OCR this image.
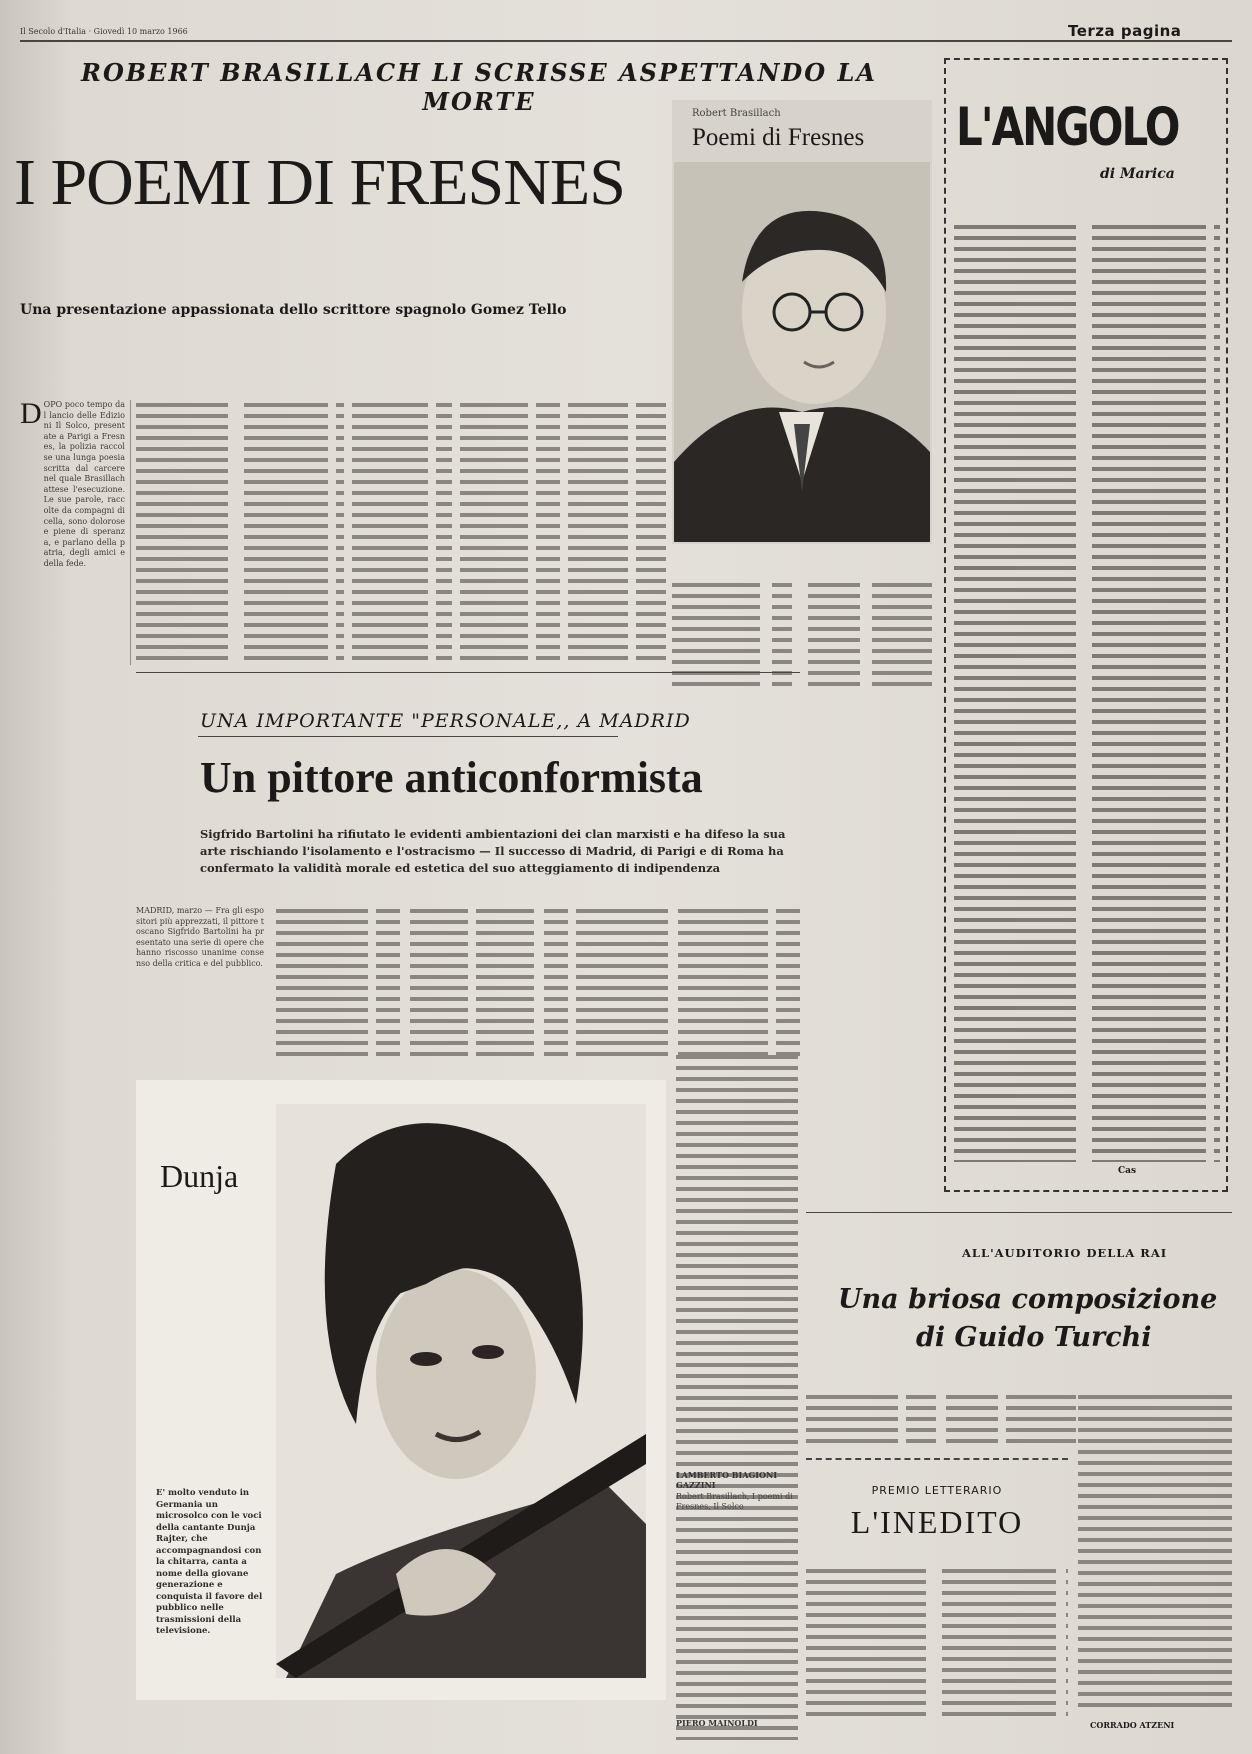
Il Secolo d'Italia · Giovedì 10 marzo 1966	Terza pagina
ROBERT BRASILLACH LI SCRISSE ASPETTANDO LA MORTE
I POEMI DI FRESNES
Una presentazione appassionata dello scrittore spagnolo Gomez Tello
Robert Brasillach
Poemi di Fresnes
D OPO poco tempo dal lancio delle Edizioni Il Solco, presentate a Parigi a Fresnes, la polizia raccolse una lunga poesia scritta dal carcere nel quale Brasillach attese l'esecuzione. Le sue parole, raccolte da compagni di cella, sono dolorose e piene di speranza, e parlano della patria, degli amici e della fede.
UNA IMPORTANTE "PERSONALE,, A MADRID
Un pittore anticonformista
Sigfrido Bartolini ha rifiutato le evidenti ambientazioni dei clan marxisti e ha difeso la sua arte rischiando l'isolamento e l'ostracismo — Il successo di Madrid, di Parigi e di Roma ha confermato la validità morale ed estetica del suo atteggiamento di indipendenza
MADRID, marzo — Fra gli espositori più apprezzati, il pittore toscano Sigfrido Bartolini ha presentato una serie di opere che hanno riscosso unanime consenso della critica e del pubblico.
Dunja
E' molto venduto in Germania un microsolco con le voci della cantante Dunja Rajter, che accompagnandosi con la chitarra, canta a nome della giovane generazione e conquista il favore del pubblico nelle trasmissioni della televisione.
LAMBERTO BIAGIONI GAZZINI
Robert Brasillach, I poemi di Fresnes, Il Solco
PIERO MAINOLDI
L'ANGOLO
di Marica
Cas
ALL'AUDITORIO DELLA RAI
Una briosa composizione
di Guido Turchi
CORRADO ATZENI
PREMIO LETTERARIO
L'INEDITO
